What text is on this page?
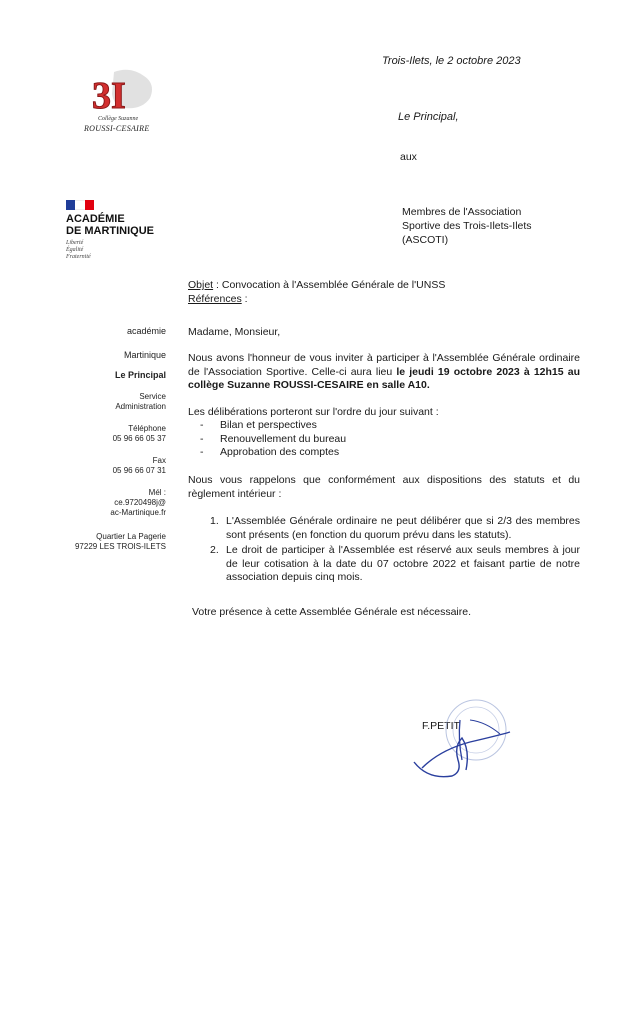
Trois-Ilets, le 2 octobre 2023
Le Principal,
aux
Membres de l'Association
Sportive des Trois-Ilets-Ilets
(ASCOTI)
3I
Collège Suzanne
ROUSSI-CESAIRE
ACADÉMIE
DE MARTINIQUE
Liberté
Égalité
Fraternité
académie
Martinique
Le Principal
Service
Administration
Téléphone
05 96 66 05 37
Fax
05 96 66 07 31
Mél :
ce.9720498j@
ac-Martinique.fr
Quartier La Pagerie
97229 LES TROIS-ILETS
Objet : Convocation à l'Assemblée Générale de l'UNSS
Références :
Madame, Monsieur,
Nous avons l'honneur de vous inviter à participer à l'Assemblée Générale ordinaire de l'Association Sportive. Celle-ci aura lieu le jeudi 19 octobre 2023 à 12h15 au collège Suzanne ROUSSI-CESAIRE en salle A10.
Les délibérations porteront sur l'ordre du jour suivant :
- Bilan et perspectives
- Renouvellement du bureau
- Approbation des comptes
Nous vous rappelons que conformément aux dispositions des statuts et du règlement intérieur :
1. L'Assemblée Générale ordinaire ne peut délibérer que si 2/3 des membres sont présents (en fonction du quorum prévu dans les statuts).
2. Le droit de participer à l'Assemblée est réservé aux seuls membres à jour de leur cotisation à la date du 07 octobre 2022 et faisant partie de notre association depuis cinq mois.
Votre présence à cette Assemblée Générale est nécessaire.
F.PETIT
